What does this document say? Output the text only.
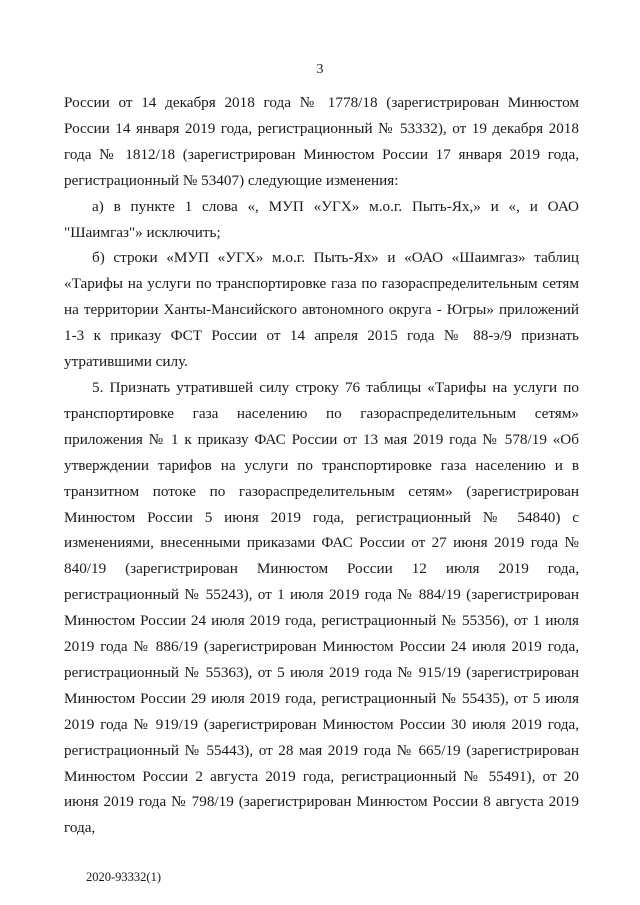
3

России от 14 декабря 2018 года № 1778/18 (зарегистрирован Минюстом России 14 января 2019 года, регистрационный № 53332), от 19 декабря 2018 года № 1812/18 (зарегистрирован Минюстом России 17 января 2019 года, регистрационный № 53407) следующие изменения:

а) в пункте 1 слова «, МУП «УГХ» м.о.г. Пыть-Ях,» и «, и ОАО "Шаимгаз"» исключить;

б) строки «МУП «УГХ» м.о.г. Пыть-Ях» и «ОАО «Шаимгаз» таблиц «Тарифы на услуги по транспортировке газа по газораспределительным сетям на территории Ханты-Мансийского автономного округа - Югры» приложений 1-3 к приказу ФСТ России от 14 апреля 2015 года № 88-э/9 признать утратившими силу.

5. Признать утратившей силу строку 76 таблицы «Тарифы на услуги по транспортировке газа населению по газораспределительным сетям» приложения № 1 к приказу ФАС России от 13 мая 2019 года № 578/19 «Об утверждении тарифов на услуги по транспортировке газа населению и в транзитном потоке по газораспределительным сетям» (зарегистрирован Минюстом России 5 июня 2019 года, регистрационный № 54840) с изменениями, внесенными приказами ФАС России от 27 июня 2019 года № 840/19 (зарегистрирован Минюстом России 12 июля 2019 года, регистрационный № 55243), от 1 июля 2019 года № 884/19 (зарегистрирован Минюстом России 24 июля 2019 года, регистрационный № 55356), от 1 июля 2019 года № 886/19 (зарегистрирован Минюстом России 24 июля 2019 года, регистрационный № 55363), от 5 июля 2019 года № 915/19 (зарегистрирован Минюстом России 29 июля 2019 года, регистрационный № 55435), от 5 июля 2019 года № 919/19 (зарегистрирован Минюстом России 30 июля 2019 года, регистрационный № 55443), от 28 мая 2019 года № 665/19 (зарегистрирован Минюстом России 2 августа 2019 года, регистрационный № 55491), от 20 июня 2019 года № 798/19 (зарегистрирован Минюстом России 8 августа 2019 года,

2020-93332(1)
